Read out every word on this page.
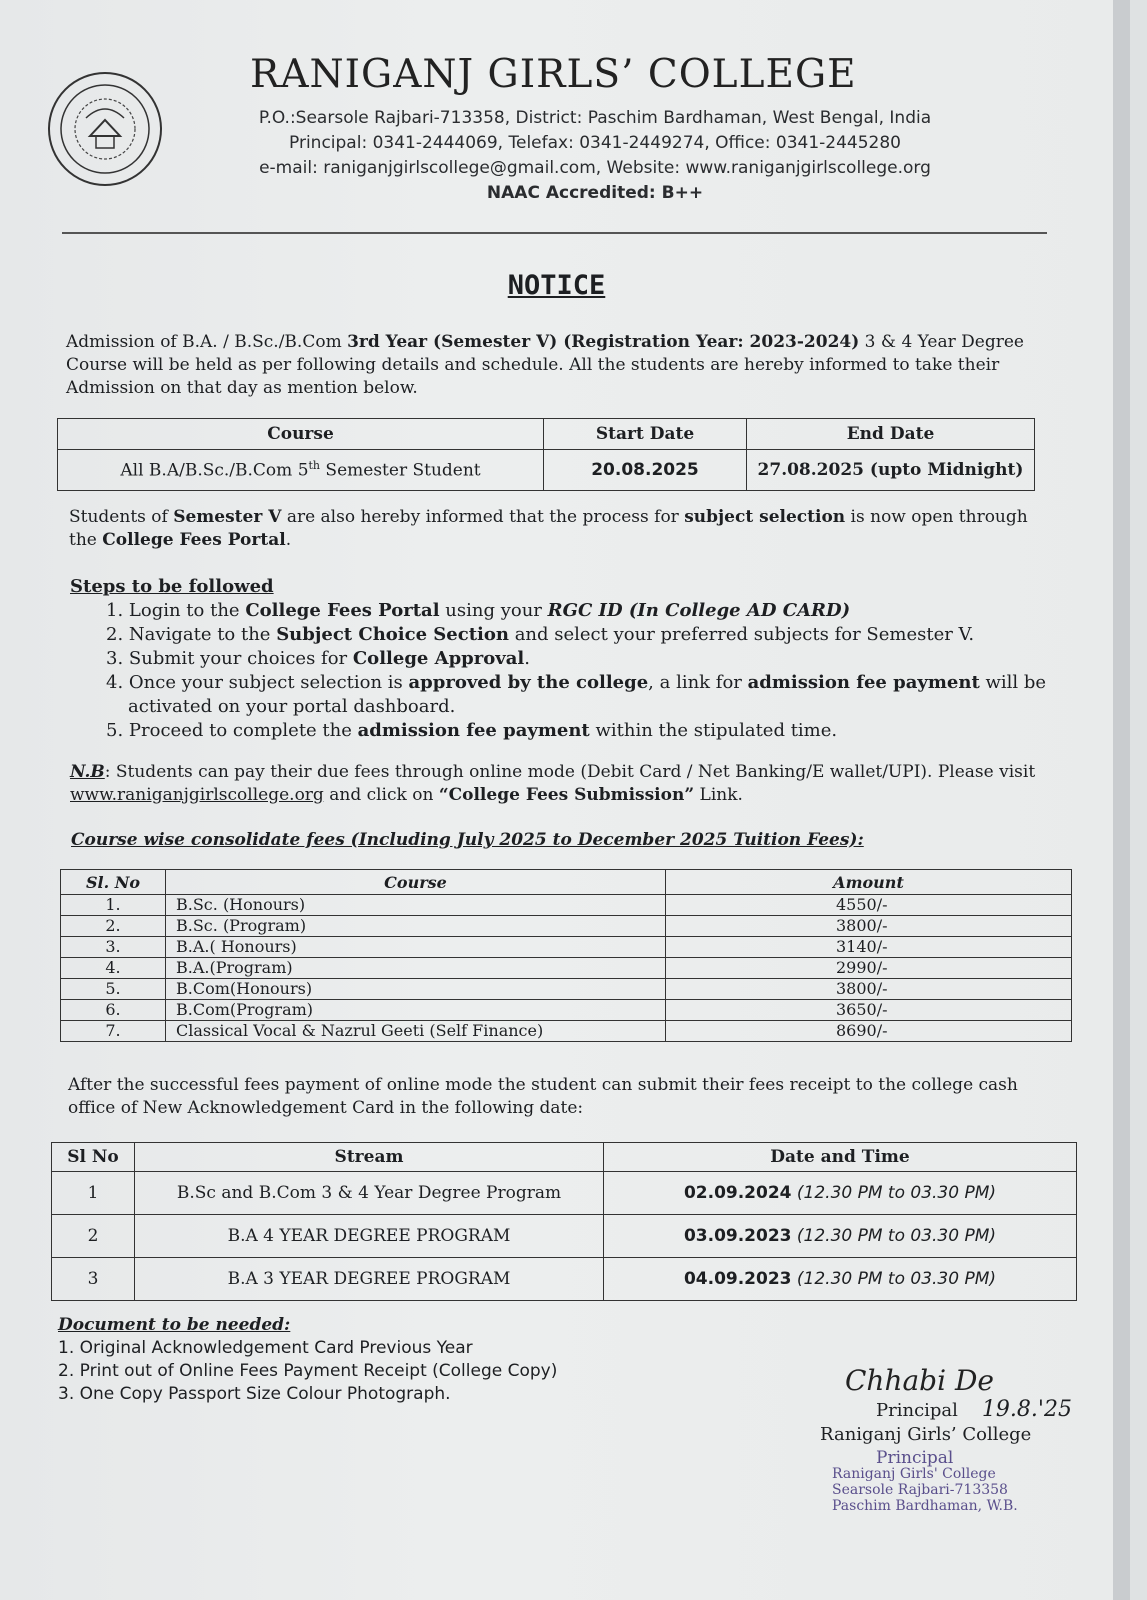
RANIGANJ GIRLS’ COLLEGE
P.O.:Searsole Rajbari-713358, District: Paschim Bardhaman, West Bengal, India
Principal: 0341-2444069, Telefax: 0341-2449274, Office: 0341-2445280
e-mail: raniganjgirlscollege@gmail.com, Website: www.raniganjgirlscollege.org
NAAC Accredited: B++
NOTICE
Admission of B.A. / B.Sc./B.Com 3rd Year (Semester V) (Registration Year: 2023-2024) 3 & 4 Year Degree Course will be held as per following details and schedule. All the students are hereby informed to take their Admission on that day as mention below.
Course	Start Date	End Date
All B.A/B.Sc./B.Com 5th Semester Student	20.08.2025	27.08.2025 (upto Midnight)
Students of Semester V are also hereby informed that the process for subject selection is now open through the College Fees Portal.
Steps to be followed
1. Login to the College Fees Portal using your RGC ID (In College AD CARD)
2. Navigate to the Subject Choice Section and select your preferred subjects for Semester V.
3. Submit your choices for College Approval.
4. Once your subject selection is approved by the college, a link for admission fee payment will be activated on your portal dashboard.
5. Proceed to complete the admission fee payment within the stipulated time.
N.B: Students can pay their due fees through online mode (Debit Card / Net Banking/E wallet/UPI). Please visit www.raniganjgirlscollege.org and click on “College Fees Submission” Link.
Course wise consolidate fees (Including July 2025 to December 2025 Tuition Fees):
Sl. No	Course	Amount
1.	B.Sc. (Honours)	4550/-
2.	B.Sc. (Program)	3800/-
3.	B.A.( Honours)	3140/-
4.	B.A.(Program)	2990/-
5.	B.Com(Honours)	3800/-
6.	B.Com(Program)	3650/-
7.	Classical Vocal & Nazrul Geeti (Self Finance)	8690/-
After the successful fees payment of online mode the student can submit their fees receipt to the college cash office of New Acknowledgement Card in the following date:
Sl No	Stream	Date and Time
1	B.Sc and B.Com 3 & 4 Year Degree Program	02.09.2024 (12.30 PM to 03.30 PM)
2	B.A 4 YEAR DEGREE PROGRAM	03.09.2023 (12.30 PM to 03.30 PM)
3	B.A 3 YEAR DEGREE PROGRAM	04.09.2023 (12.30 PM to 03.30 PM)
Document to be needed:
1. Original Acknowledgement Card Previous Year
2. Print out of Online Fees Payment Receipt (College Copy)
3. One Copy Passport Size Colour Photograph.	Chhabi De
Principal 19.8.'25
Raniganj Girls’ College
Principal
Raniganj Girls' College
Searsole Rajbari-713358
Paschim Bardhaman, W.B.
